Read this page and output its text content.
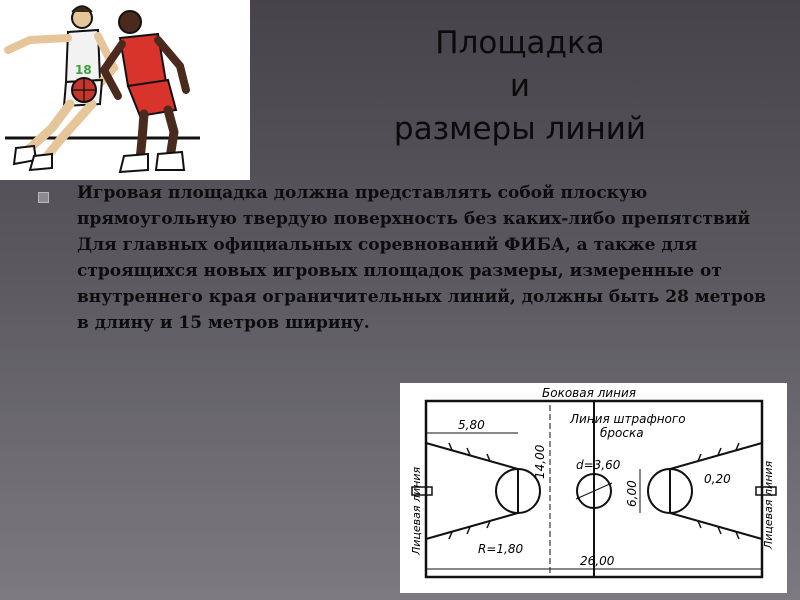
18
Площадка
и
размеры линий

Игровая площадка должна представлять собой плоскую прямоугольную твердую поверхность без каких-либо препятствий Для главных официальных соревнований ФИБА, а также для строящихся новых игровых площадок размеры, измеренные от внутреннего края ограничительных линий, должны быть 28 метров в длину и 15 метров ширину.

Боковая линия
Линия штрафного
броска
5,80
14,00 d=3,60
6,00
0,20
R=1,80
26,00
Лицевая линия	Лицевая линия
